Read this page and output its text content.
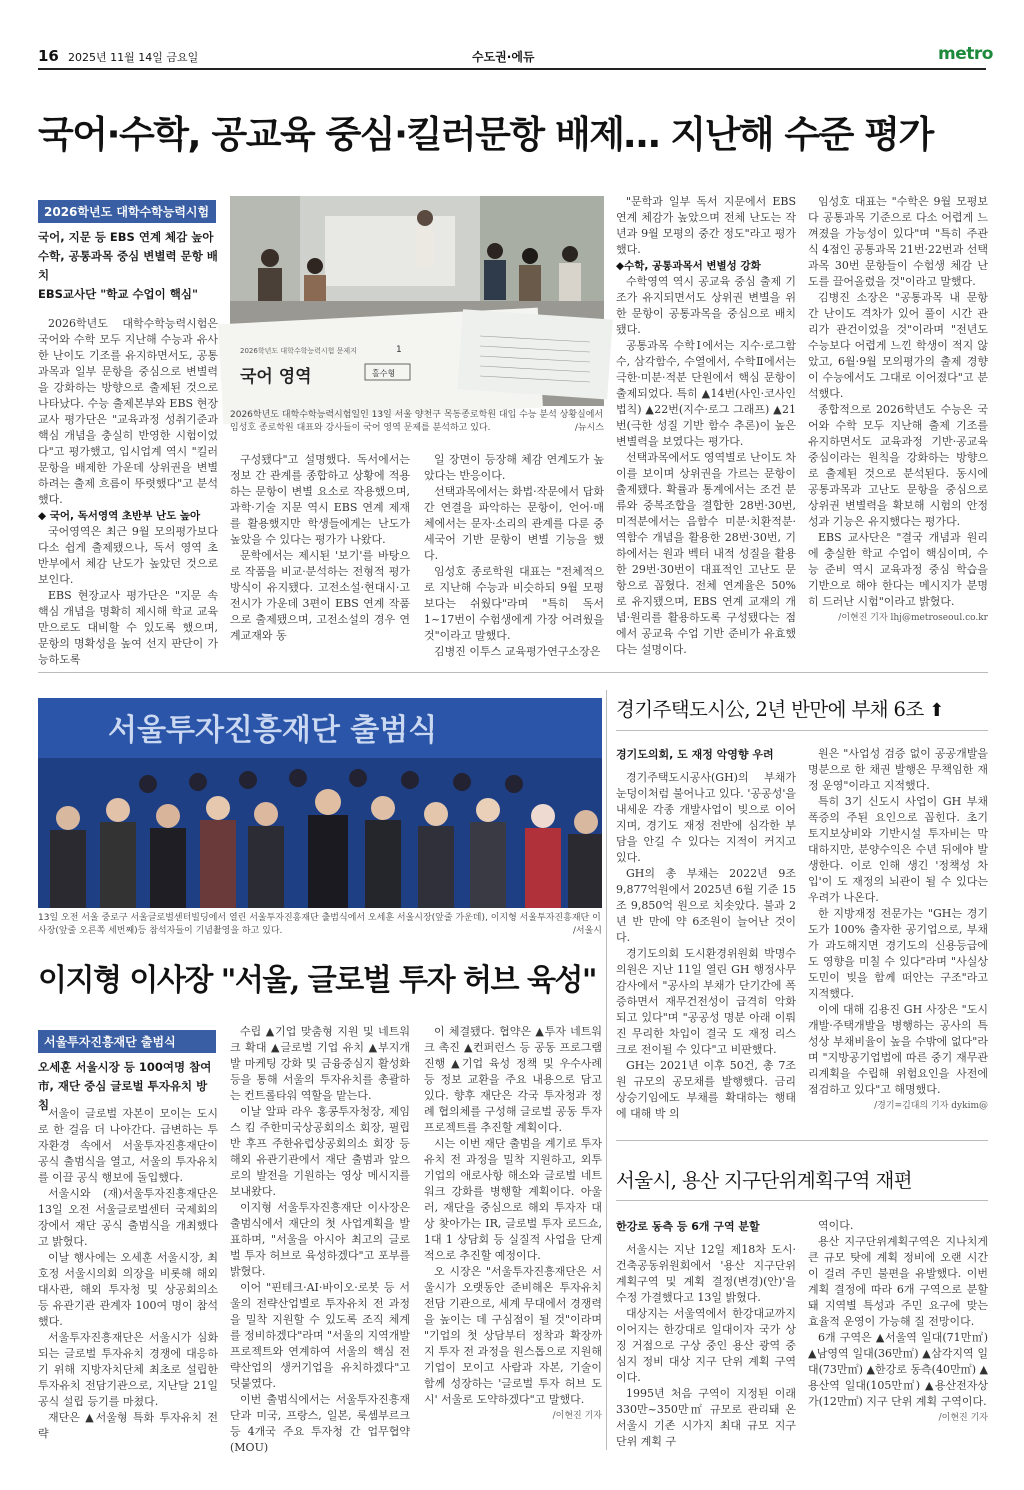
16 2025년 11월 14일 금요일	수도권·에듀	metro
국어·수학, 공교육 중심·킬러문항 배제… 지난해 수준 평가
2026학년도 대학수학능력시험
국어, 지문 등 EBS 연계 체감 높아
수학, 공통과목 중심 변별력 문항 배치
EBS교사단 "학교 수업이 핵심"
2026학년도 대학수학능력시험 문제지
국어 영역
1
홀수형
2026학년도 대학수학능력시험일인 13일 서울 양천구 목동종로학원 대입 수능 분석 상황실에서 임성호 종로학원 대표와 강사들이 국어 영역 문제를 분석하고 있다.	/뉴시스

2026학년도 대학수학능력시험은 국어와 수학 모두 지난해 수능과 유사한 난이도 기조를 유지하면서도, 공통과목과 일부 문항을 중심으로 변별력을 강화하는 방향으로 출제된 것으로 나타났다. 수능 출제본부와 EBS 현장교사 평가단은 "교육과정 성취기준과 핵심 개념을 충실히 반영한 시험이었다"고 평가했고, 입시업계 역시 "킬러문항을 배제한 가운데 상위권을 변별하려는 출제 흐름이 뚜렷했다"고 분석했다.

◆ 국어, 독서영역 초반부 난도 높아

국어영역은 최근 9월 모의평가보다 다소 쉽게 출제됐으나, 독서 영역 초반부에서 체감 난도가 높았던 것으로 보인다.

EBS 현장교사 평가단은 "지문 속 핵심 개념을 명확히 제시해 학교 교육만으로도 대비할 수 있도록 했으며, 문항의 명확성을 높여 선지 판단이 가능하도록

구성됐다"고 설명했다. 독서에서는 정보 간 관계를 종합하고 상황에 적용하는 문항이 변별 요소로 작용했으며, 과학·기술 지문 역시 EBS 연계 제재를 활용했지만 학생들에게는 난도가 높았을 수 있다는 평가가 나왔다.

문학에서는 제시된 '보기'를 바탕으로 작품을 비교·분석하는 전형적 평가 방식이 유지됐다. 고전소설·현대시·고전시가 가운데 3편이 EBS 연계 작품으로 출제됐으며, 고전소설의 경우 연계교재와 동

일 장면이 등장해 체감 연계도가 높았다는 반응이다.

선택과목에서는 화법·작문에서 답화 간 연결을 파악하는 문항이, 언어·매체에서는 문자·소리의 관계를 다룬 중세국어 기반 문항이 변별 기능을 했다.

임성호 종로학원 대표는 "전체적으로 지난해 수능과 비슷하되 9월 모평보다는 쉬웠다"라며 "특히 독서 1~17번이 수험생에게 가장 어려웠을 것"이라고 말했다.

김병진 이투스 교육평가연구소장은

"문학과 일부 독서 지문에서 EBS 연계 체감가 높았으며 전체 난도는 작년과 9월 모평의 중간 정도"라고 평가했다.

◆수학, 공통과목서 변별성 강화

수학영역 역시 공교육 중심 출제 기조가 유지되면서도 상위권 변별을 위한 문항이 공통과목을 중심으로 배치됐다.

공통과목 수학Ⅰ에서는 지수·로그함수, 삼각함수, 수열에서, 수학Ⅱ에서는 극한·미분·적분 단원에서 핵심 문항이 출제되었다. 특히 ▲14번(사인·코사인 법칙) ▲22번(지수·로그 그래프) ▲21번(극한 성질 기반 함수 추론)이 높은 변별력을 보였다는 평가다.

선택과목에서도 영역별로 난이도 차이를 보이며 상위권을 가르는 문항이 출제됐다. 확률과 통계에서는 조건 분류와 중복조합을 결합한 28번·30번, 미적분에서는 음함수 미분·치환적분·역함수 개념을 활용한 28번·30번, 기하에서는 원과 벡터 내적 성질을 활용한 29번·30번이 대표적인 고난도 문항으로 꼽혔다. 전체 연계율은 50%로 유지됐으며, EBS 연계 교재의 개념·원리를 활용하도록 구성됐다는 점에서 공교육 수업 기반 준비가 유효했다는 설명이다.

임성호 대표는 "수학은 9월 모평보다 공통과목 기준으로 다소 어렵게 느껴졌을 가능성이 있다"며 "특히 주관식 4점인 공통과목 21번·22번과 선택과목 30번 문항들이 수험생 체감 난도를 끌어올렸을 것"이라고 말했다.

김병진 소장은 "공통과목 내 문항 간 난이도 격차가 있어 풀이 시간 관리가 관건이었을 것"이라며 "전년도 수능보다 어렵게 느낀 학생이 적지 않았고, 6월·9월 모의평가의 출제 경향이 수능에서도 그대로 이어졌다"고 분석했다.

종합적으로 2026학년도 수능은 국어와 수학 모두 지난해 출제 기조를 유지하면서도 교육과정 기반·공교육 중심이라는 원칙을 강화하는 방향으로 출제된 것으로 분석된다. 동시에 공통과목과 고난도 문항을 중심으로 상위권 변별력을 확보해 시험의 안정성과 기능은 유지했다는 평가다.

EBS 교사단은 "결국 개념과 원리에 충실한 학교 수업이 핵심이며, 수능 준비 역시 교육과정 중심 학습을 기반으로 해야 한다는 메시지가 분명히 드러난 시험"이라고 밝혔다.

/이현진 기자 lhj@metroseoul.co.kr

서울투자진흥재단 출범식
13일 오전 서울 중로구 서울글로벌센터빌딩에서 열린 서울투자진흥재단 출범식에서 오세훈 서울시장(앞줄 가운데), 이지형 서울투자진흥재단 이사장(앞줄 오른쪽 세번째)등 참석자들이 기념촬영을 하고 있다.	/서울시
이지형 이사장 "서울, 글로벌 투자 허브 육성"
서울투자진흥재단 출범식
오세훈 서울시장 등 100여명 참여
市, 재단 중심 글로벌 투자유치 방침

서울이 글로벌 자본이 모이는 도시로 한 걸음 더 나아간다. 급변하는 투자환경 속에서 서울투자진흥재단이 공식 출범식을 열고, 서울의 투자유치를 이끌 공식 행보에 돌입했다.

서울시와 (재)서울투자진흥재단은 13일 오전 서울글로벌센터 국제회의장에서 재단 공식 출범식을 개최했다고 밝혔다.

이날 행사에는 오세훈 서울시장, 최호정 서울시의회 의장을 비롯해 해외 대사관, 해외 투자청 및 상공회의소 등 유관기관 관계자 100여 명이 참석했다.

서울투자진흥재단은 서울시가 심화되는 글로벌 투자유치 경쟁에 대응하기 위해 지방자치단체 최초로 설립한 투자유치 전담기관으로, 지난달 21일 공식 설립 등기를 마쳤다.

재단은 ▲서울형 특화 투자유치 전략

수립 ▲기업 맞춤형 지원 및 네트워크 확대 ▲글로벌 기업 유치 ▲부지개발 마케팅 강화 및 금융중심지 활성화 등을 통해 서울의 투자유치를 총괄하는 컨트롤타워 역할을 맡는다.

이날 알파 라우 홍콩투자청장, 제임스 킴 주한미국상공회의소 회장, 필립 반 후프 주한유럽상공회의소 회장 등 해외 유관기관에서 재단 출범과 앞으로의 발전을 기원하는 영상 메시지를 보내왔다.

이지형 서울투자진흥재단 이사장은 출범식에서 재단의 첫 사업계획을 발표하며, "서울을 아시아 최고의 글로벌 투자 허브로 육성하겠다"고 포부를 밝혔다.

이어 "핀테크·AI·바이오·로봇 등 서울의 전략산업별로 투자유치 전 과정을 밀착 지원할 수 있도록 조직 체계를 정비하겠다"라며 "서울의 지역개발 프로젝트와 연계하여 서울의 핵심 전략산업의 생커기업을 유치하겠다"고 덧붙였다.

이번 출범식에서는 서울투자진흥재단과 미국, 프랑스, 일본, 룩셈부르크 등 4개국 주요 투자청 간 업무협약(MOU)

이 체결됐다. 협약은 ▲투자 네트워크 촉진 ▲컨퍼런스 등 공동 프로그램 진행 ▲기업 육성 정책 및 우수사례 등 정보 교환을 주요 내용으로 담고 있다. 향후 재단은 각국 투자청과 정례 협의체를 구성해 글로벌 공동 투자 프로젝트를 추진할 계획이다.

시는 이번 재단 출범을 계기로 투자유치 전 과정을 밀착 지원하고, 외투기업의 애로사항 해소와 글로벌 네트워크 강화를 병행할 계획이다. 아울러, 재단을 중심으로 해외 투자자 대상 찾아가는 IR, 글로벌 투자 로드쇼, 1대 1 상담회 등 실질적 사업을 단계적으로 추진할 예정이다.

오 시장은 "서울투자진흥재단은 서울시가 오랫동안 준비해온 투자유치 전담 기관으로, 세계 무대에서 경쟁력을 높이는 데 구심점이 될 것"이라며 "기업의 첫 상담부터 정착과 확장까지 투자 전 과정을 원스톱으로 지원해 기업이 모이고 사람과 자본, 기술이 함께 성장하는 '글로벌 투자 허브 도시' 서울로 도약하겠다"고 말했다.

/이현진 기자

경기주택도시公, 2년 반만에 부채 6조 ⬆
경기도의회, 도 재정 악영향 우려

경기주택도시공사(GH)의 부채가 눈덩이처럼 불어나고 있다. '공공성'을 내세운 각종 개발사업이 빚으로 이어지며, 경기도 재정 전반에 심각한 부담을 안길 수 있다는 지적이 커지고 있다.

GH의 총 부채는 2022년 9조 9,877억원에서 2025년 6월 기준 15조 9,850억 원으로 치솟았다. 불과 2년 반 만에 약 6조원이 늘어난 것이다.

경기도의회 도시환경위원회 박명수 의원은 지난 11일 열린 GH 행정사무감사에서 "공사의 부채가 단기간에 폭증하면서 재무건전성이 급격히 악화되고 있다"며 "공공성 명분 아래 이뤄진 무리한 차입이 결국 도 재정 리스크로 전이될 수 있다"고 비판했다.

GH는 2021년 이후 50건, 총 7조 원 규모의 공모채를 발행했다. 금리 상승기임에도 부채를 확대하는 행태에 대해 박 의

원은 "사업성 검증 없이 공공개발을 명분으로 한 채권 발행은 무책임한 재정 운영"이라고 지적했다.

특히 3기 신도시 사업이 GH 부채 폭증의 주된 요인으로 꼽힌다. 초기 토지보상비와 기반시설 투자비는 막대하지만, 분양수익은 수년 뒤에야 발생한다. 이로 인해 생긴 '정책성 차입'이 도 재정의 뇌관이 될 수 있다는 우려가 나온다.

한 지방재정 전문가는 "GH는 경기도가 100% 출자한 공기업으로, 부채가 과도해지면 경기도의 신용등급에도 영향을 미칠 수 있다"라며 "사실상 도민이 빚을 함께 떠안는 구조"라고 지적했다.

이에 대해 김용진 GH 사장은 "도시개발·주택개발을 병행하는 공사의 특성상 부채비율이 높을 수밖에 없다"라며 "지방공기업법에 따른 중기 재무관리계획을 수립해 위험요인을 사전에 점검하고 있다"고 해명했다.

/경기=김대의 기자 dykim@

서울시, 용산 지구단위계획구역 재편
한강로 동측 등 6개 구역 분할

서울시는 지난 12일 제18차 도시·건축공동위원회에서 '용산 지구단위계획구역 및 계획 결정(변경)(안)'을 수정 가결했다고 13일 밝혔다.

대상지는 서울역에서 한강대교까지 이어지는 한강대로 일대이자 국가 상징 거점으로 구상 중인 용산 광역 중심지 정비 대상 지구 단위 계획 구역이다.

1995년 처음 구역이 지정된 이래 330만~350만㎡ 규모로 관리돼 온 서울시 기존 시가지 최대 규모 지구 단위 계획 구

역이다.

용산 지구단위계획구역은 지나치게 큰 규모 탓에 계획 정비에 오랜 시간이 걸려 주민 불편을 유발했다. 이번 계획 결정에 따라 6개 구역으로 분할돼 지역별 특성과 주민 요구에 맞는 효율적 운영이 가능해 질 전망이다.

6개 구역은 ▲서울역 일대(71만㎡) ▲남영역 일대(36만㎡) ▲삼각지역 일대(73만㎡) ▲한강로 동측(40만㎡) ▲용산역 일대(105만㎡) ▲용산전자상가(12만㎡) 지구 단위 계획 구역이다.

/이현진 기자
